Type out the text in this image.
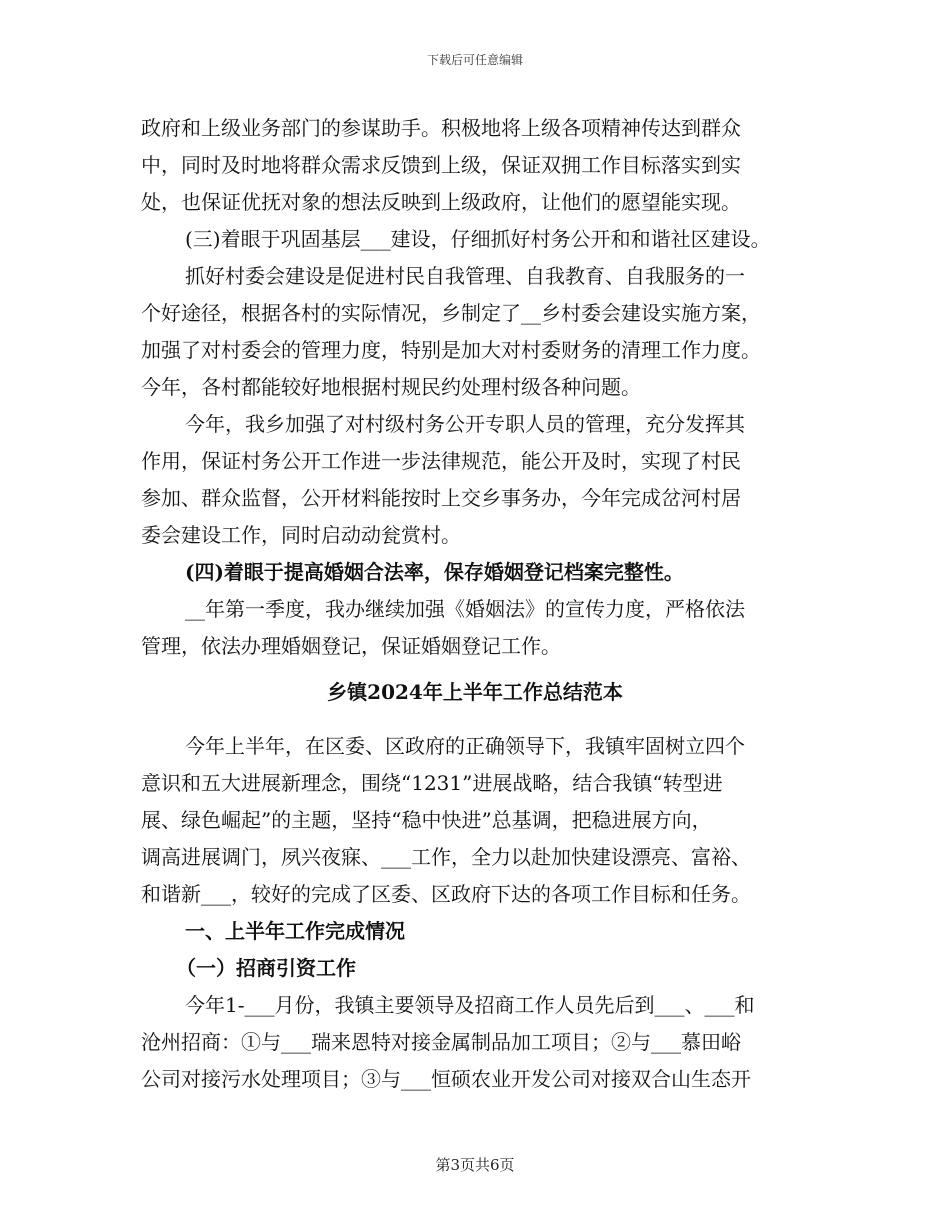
下载后可任意编辑
政府和上级业务部门的参谋助手。积极地将上级各项精神传达到群众
中，同时及时地将群众需求反馈到上级，保证双拥工作目标落实到实
处，也保证优抚对象的想法反映到上级政府，让他们的愿望能实现。
(三)着眼于巩固基层___建设，仔细抓好村务公开和和谐社区建设。
抓好村委会建设是促进村民自我管理、自我教育、自我服务的一
个好途径，根据各村的实际情况，乡制定了__乡村委会建设实施方案，
加强了对村委会的管理力度，特别是加大对村委财务的清理工作力度。
今年，各村都能较好地根据村规民约处理村级各种问题。
今年，我乡加强了对村级村务公开专职人员的管理，充分发挥其
作用，保证村务公开工作进一步法律规范，能公开及时，实现了村民
参加、群众监督，公开材料能按时上交乡事务办，今年完成岔河村居
委会建设工作，同时启动动瓮赏村。
(四)着眼于提高婚姻合法率，保存婚姻登记档案完整性。
__年第一季度，我办继续加强《婚姻法》的宣传力度，严格依法
管理，依法办理婚姻登记，保证婚姻登记工作。
乡镇2024年上半年工作总结范本
今年上半年，在区委、区政府的正确领导下，我镇牢固树立四个
意识和五大进展新理念，围绕“1231”进展战略，结合我镇“转型进
展、绿色崛起”的主题，坚持“稳中快进”总基调，把稳进展方向，
调高进展调门，夙兴夜寐、___工作，全力以赴加快建设漂亮、富裕、
和谐新___，较好的完成了区委、区政府下达的各项工作目标和任务。
一、上半年工作完成情况
（一）招商引资工作
今年1-___月份，我镇主要领导及招商工作人员先后到___、___和
沧州招商：①与___瑞来恩特对接金属制品加工项目；②与___慕田峪
公司对接污水处理项目；③与___恒硕农业开发公司对接双合山生态开
第3页共6页
